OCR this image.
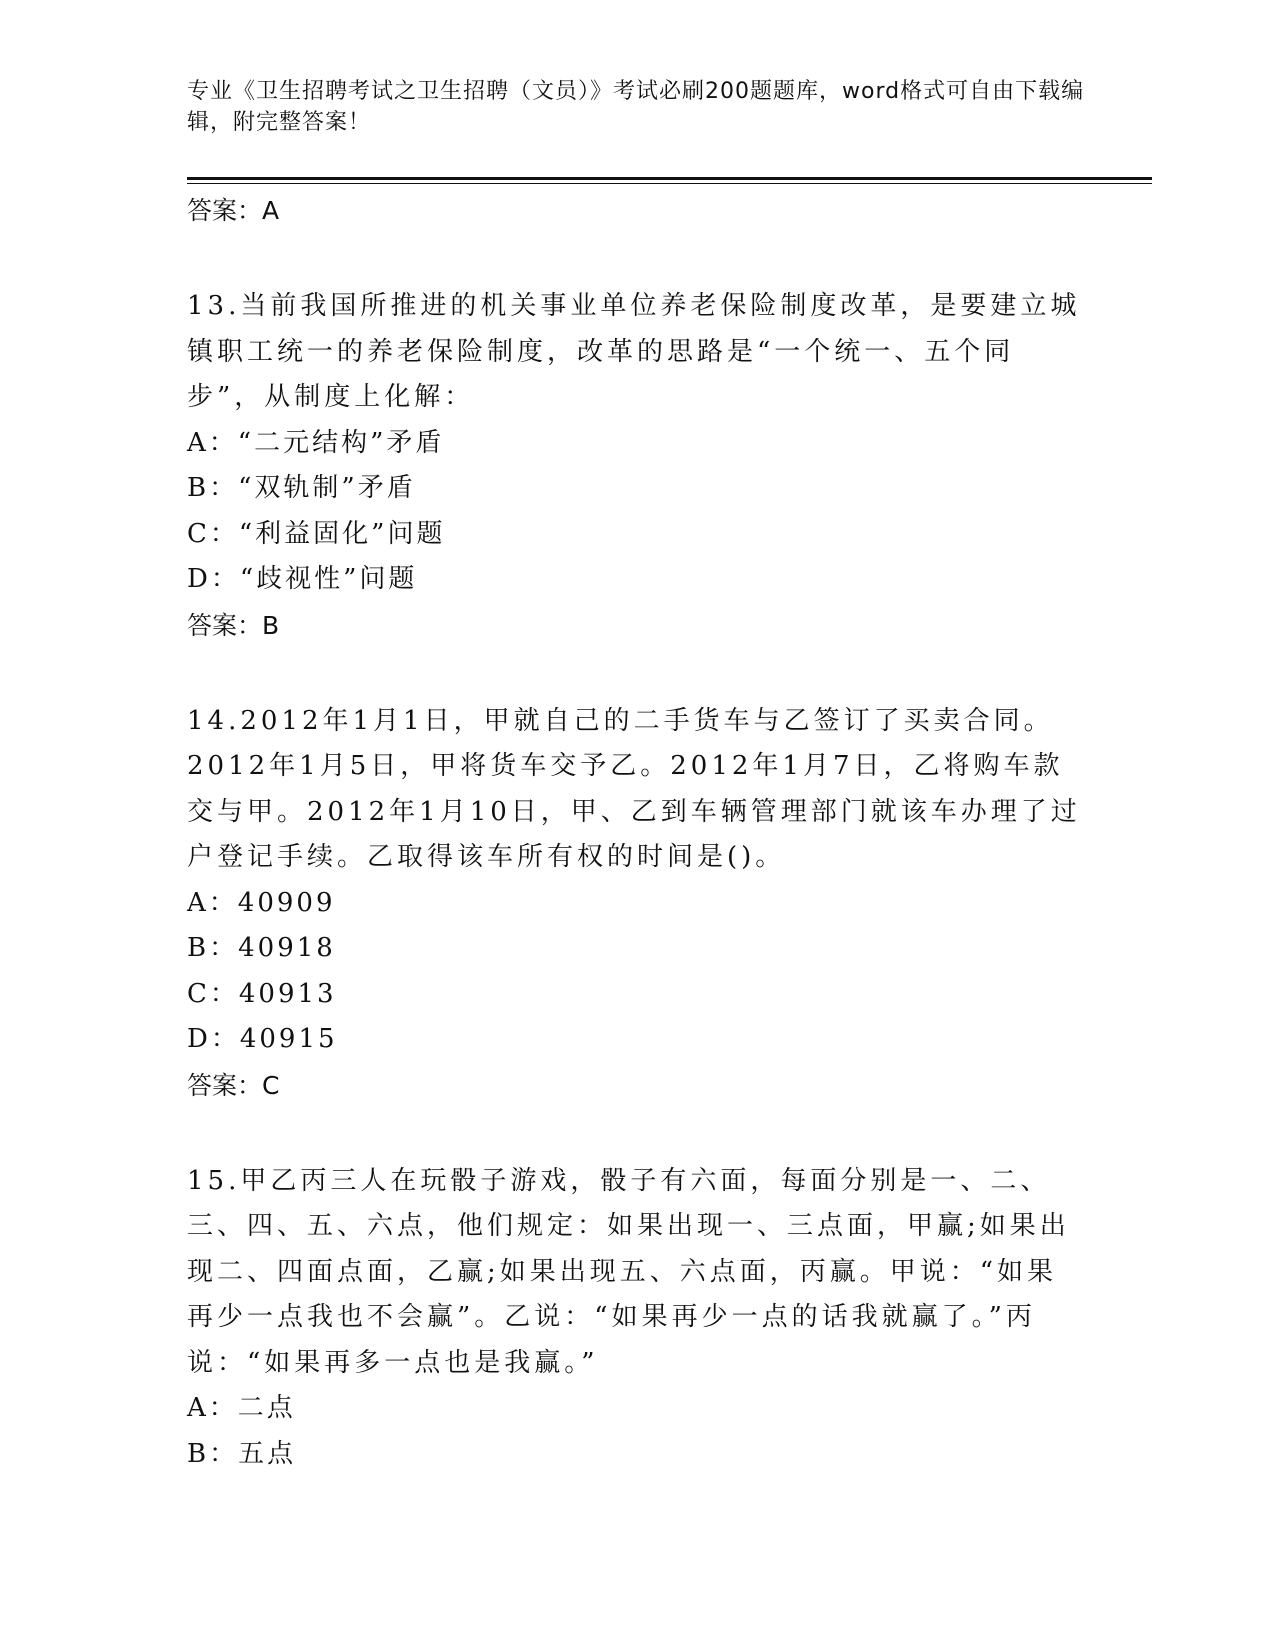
专业《卫生招聘考试之卫生招聘（文员）》考试必刷200题题库，word格式可自由下载编辑，附完整答案！

答案：A

13.当前我国所推进的机关事业单位养老保险制度改革，是要建立城镇职工统一的养老保险制度，改革的思路是“一个统一、五个同步”，从制度上化解：

A：“二元结构”矛盾

B：“双轨制”矛盾

C：“利益固化”问题

D：“歧视性”问题

答案：B

14.2012年1月1日，甲就自己的二手货车与乙签订了买卖合同。2012年1月5日，甲将货车交予乙。2012年1月7日，乙将购车款交与甲。2012年1月10日，甲、乙到车辆管理部门就该车办理了过户登记手续。乙取得该车所有权的时间是()。

A：40909

B：40918

C：40913

D：40915

答案：C

15.甲乙丙三人在玩骰子游戏，骰子有六面，每面分别是一、二、三、四、五、六点，他们规定：如果出现一、三点面，甲赢;如果出现二、四面点面，乙赢;如果出现五、六点面，丙赢。甲说：“如果再少一点我也不会赢”。乙说：“如果再少一点的话我就赢了。”丙说：“如果再多一点也是我赢。”

A：二点

B：五点
